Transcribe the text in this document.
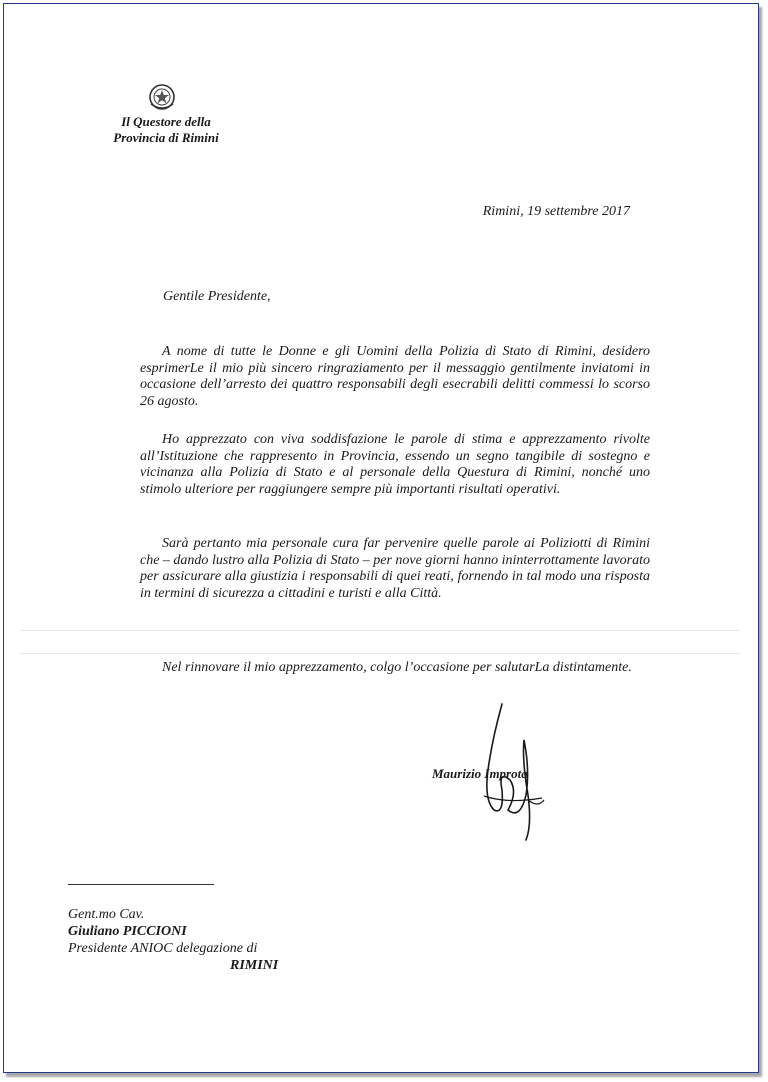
Il Questore della
Provincia di Rimini
Rimini, 19 settembre 2017
Gentile Presidente,
A nome di tutte le Donne e gli Uomini della Polizia di Stato di Rimini, desidero esprimerLe il mio più sincero ringraziamento per il messaggio gentilmente inviatomi in occasione dell’arresto dei quattro responsabili degli esecrabili delitti commessi lo scorso 26 agosto.
Ho apprezzato con viva soddisfazione le parole di stima e apprezzamento rivolte all’Istituzione che rappresento in Provincia, essendo un segno tangibile di sostegno e vicinanza alla Polizia di Stato e al personale della Questura di Rimini, nonché uno stimolo ulteriore per raggiungere sempre più importanti risultati operativi.
Sarà pertanto mia personale cura far pervenire quelle parole ai Poliziotti di Rimini che – dando lustro alla Polizia di Stato – per nove giorni hanno ininterrottamente lavorato per assicurare alla giustizia i responsabili di quei reati, fornendo in tal modo una risposta in termini di sicurezza a cittadini e turisti e alla Città.
Nel rinnovare il mio apprezzamento, colgo l’occasione per salutarLa distintamente.
Maurizio Improta
Gent.mo Cav.
Giuliano PICCIONI
Presidente ANIOC delegazione di
RIMINI
